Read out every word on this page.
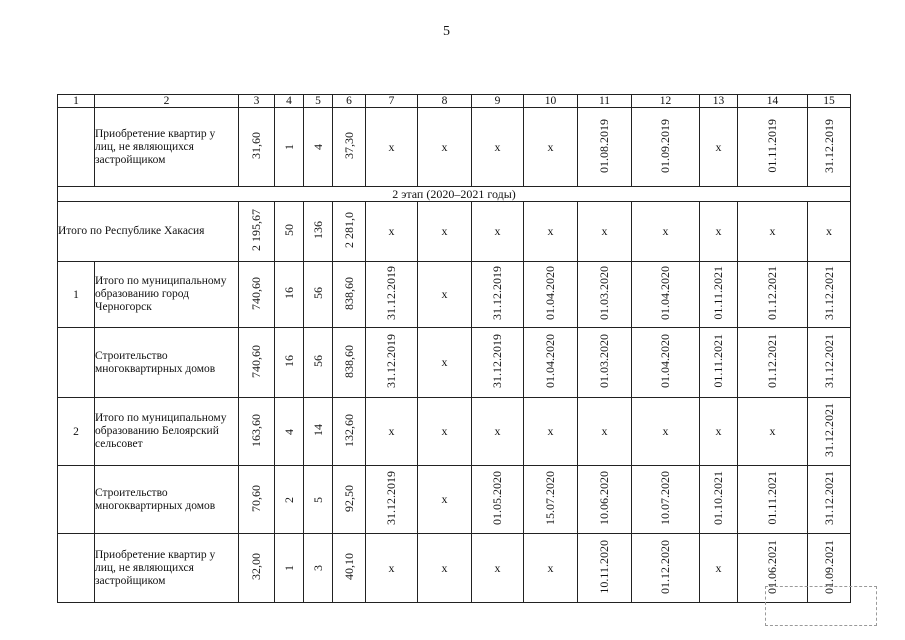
5
1	2	3	4	5	6	7	8	9	10	11	12	13	14	15
	Приобретение квартир у лиц, не являющихся застройщиком	31,60	1	4	37,30	x	x	x	x	01.08.2019	01.09.2019	x	01.11.2019	31.12.2019
2 этап (2020–2021 годы)														
Итого по Республике Хакасия		2 195,67	50	136	2 281,0	x	x	x	x	x	x	x	x	x
1	Итого по муниципальному образованию город Черногорск	740,60	16	56	838,60	31.12.2019	x	31.12.2019	01.04.2020	01.03.2020	01.04.2020	01.11.2021	01.12.2021	31.12.2021
	Строительство многоквартирных домов	740,60	16	56	838,60	31.12.2019	x	31.12.2019	01.04.2020	01.03.2020	01.04.2020	01.11.2021	01.12.2021	31.12.2021
2	Итого по муниципальному образованию Белоярский сельсовет	163,60	4	14	132,60	x	x	x	x	x	x	x	x	31.12.2021
	Строительство многоквартирных домов	70,60	2	5	92,50	31.12.2019	x	01.05.2020	15.07.2020	10.06.2020	10.07.2020	01.10.2021	01.11.2021	31.12.2021
	Приобретение квартир у лиц, не являющихся застройщиком	32,00	1	3	40,10	x	x	x	x	10.11.2020	01.12.2020	x	01.06.2021	01.09.2021
